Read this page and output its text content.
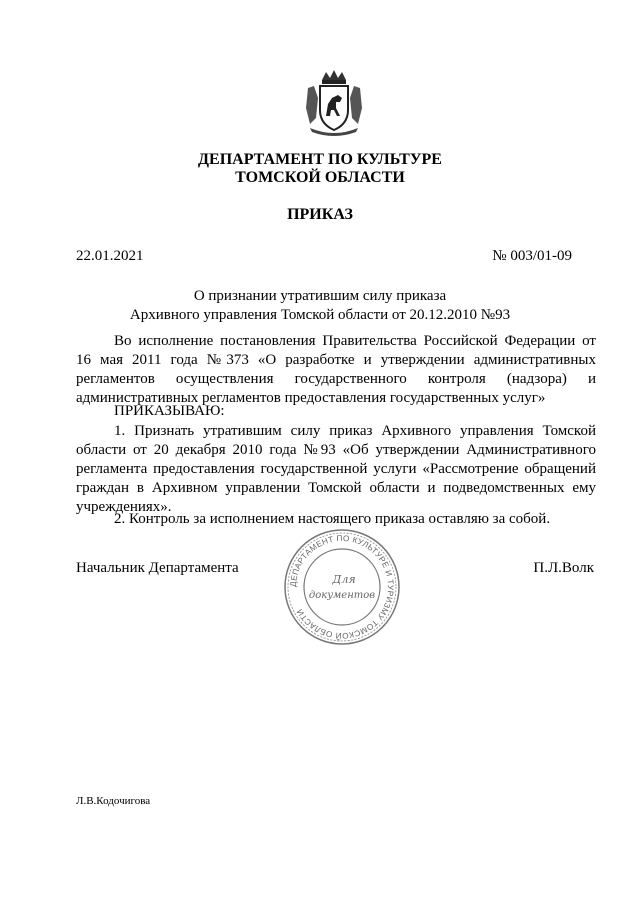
ДЕПАРТАМЕНТ ПО КУЛЬТУРЕ
ТОМСКОЙ ОБЛАСТИ
ПРИКАЗ
22.01.2021	№ 003/01-09
О признании утратившим силу приказа
Архивного управления Томской области от 20.12.2010 №93

Во исполнение постановления Правительства Российской Федерации от 16 мая 2011 года №373 «О разработке и утверждении административных регламентов осуществления государственного контроля (надзора) и административных регламентов предоставления государственных услуг»

ПРИКАЗЫВАЮ:

1. Признать утратившим силу приказ Архивного управления Томской области от 20 декабря 2010 года №93 «Об утверждении Административного регламента предоставления государственной услуги «Рассмотрение обращений граждан в Архивном управлении Томской области и подведомственных ему учреждениях».

2. Контроль за исполнением настоящего приказа оставляю за собой.

Начальник Департамента	П.Л.Волк
ДЕПАРТАМЕНТ ПО КУЛЬТУРЕ И ТУРИЗМУ ТОМСКОЙ ОБЛАСТИ
Для
документов
Л.В.Кодочигова
